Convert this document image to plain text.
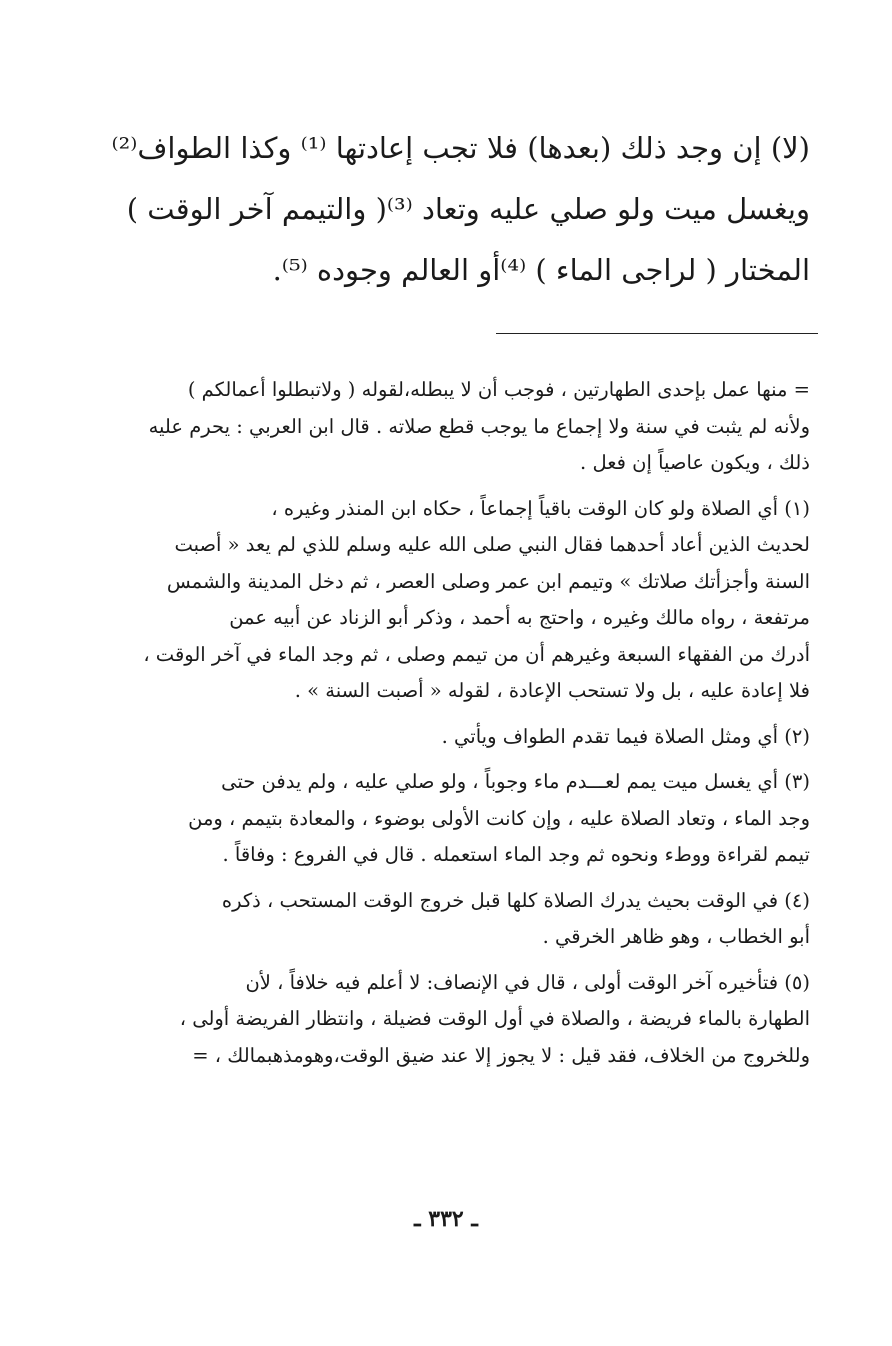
(لا) إن وجد ذلك (بعدها) فلا تجب إعادتها ⁽¹⁾ وكذا الطواف⁽²⁾
ويغسل ميت ولو صلي عليه وتعاد ⁽³⁾( والتيمم آخر الوقت )
المختار ( لراجى الماء ) ⁽⁴⁾أو العالم وجوده ⁽⁵⁾.
= منها عمل بإحدى الطهارتين ، فوجب أن لا يبطله،لقوله ( ولاتبطلوا أعمالكم )
ولأنه لم يثبت في سنة ولا إجماع ما يوجب قطع صلاته . قال ابن العربي : يحرم عليه
ذلك ، ويكون عاصياً إن فعل .
(١) أي الصلاة ولو كان الوقت باقياً إجماعاً ، حكاه ابن المنذر وغيره ،
لحديث الذين أعاد أحدهما فقال النبي صلى الله عليه وسلم للذي لم يعد « أصبت
السنة وأجزأتك صلاتك » وتيمم ابن عمر وصلى العصر ، ثم دخل المدينة والشمس
مرتفعة ، رواه مالك وغيره ، واحتج به أحمد ، وذكر أبو الزناد عن أبيه عمن
أدرك من الفقهاء السبعة وغيرهم أن من تيمم وصلى ، ثم وجد الماء في آخر الوقت ،
فلا إعادة عليه ، بل ولا تستحب الإعادة ، لقوله « أصبت السنة » .
(٢) أي ومثل الصلاة فيما تقدم الطواف ويأتي .
(٣) أي يغسل ميت يمم لعـــدم ماء وجوباً ، ولو صلي عليه ، ولم يدفن حتى
وجد الماء ، وتعاد الصلاة عليه ، وإن كانت الأولى بوضوء ، والمعادة بتيمم ، ومن
تيمم لقراءة ووطء ونحوه ثم وجد الماء استعمله . قال في الفروع : وفاقاً .
(٤) في الوقت بحيث يدرك الصلاة كلها قبل خروج الوقت المستحب ، ذكره
أبو الخطاب ، وهو ظاهر الخرقي .
(٥) فتأخيره آخر الوقت أولى ، قال في الإنصاف: لا أعلم فيه خلافاً ، لأن
الطهارة بالماء فريضة ، والصلاة في أول الوقت فضيلة ، وانتظار الفريضة أولى ،
وللخروج من الخلاف، فقد قيل : لا يجوز إلا عند ضيق الوقت،وهومذهبمالك ، =
ـ ٣٣٢ ـ
